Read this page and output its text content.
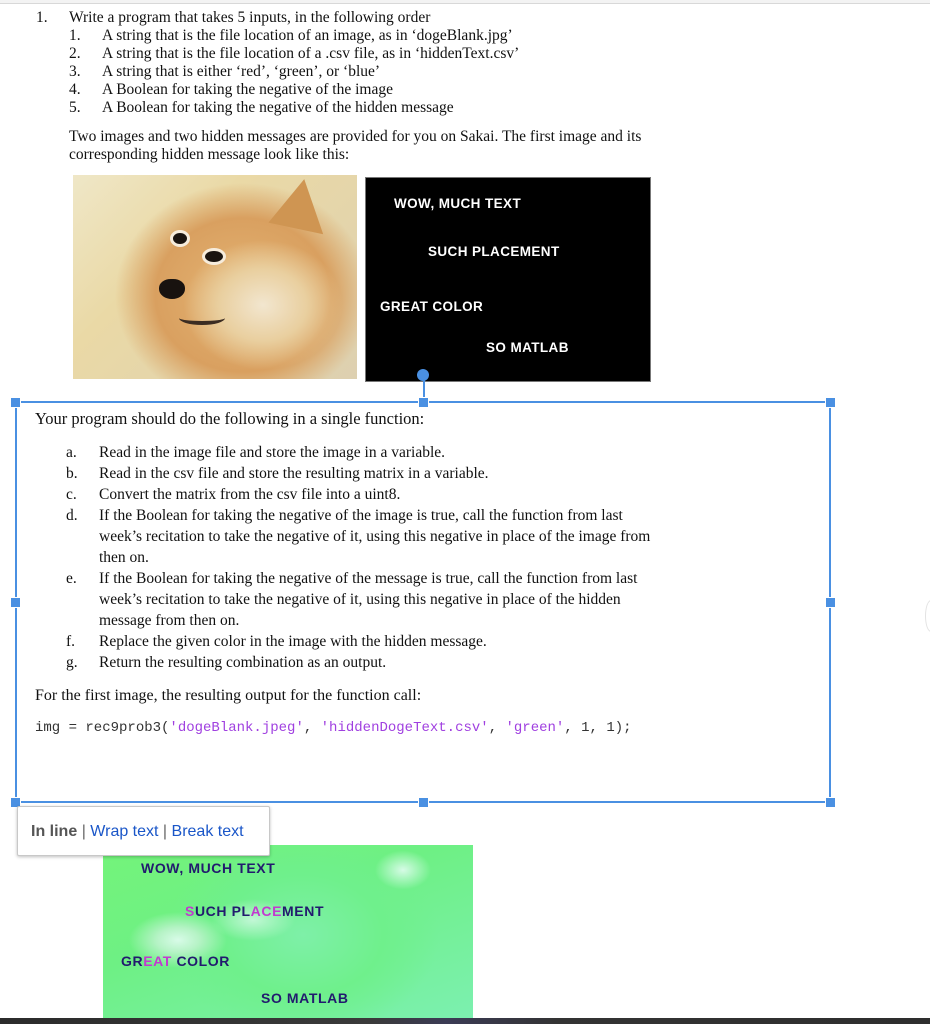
1. Write a program that takes 5 inputs, in the following order
1. A string that is the file location of an image, as in ‘dogeBlank.jpg’
2. A string that is the file location of a .csv file, as in ‘hiddenText.csv’
3. A string that is either ‘red’, ‘green’, or ‘blue’
4. A Boolean for taking the negative of the image
5. A Boolean for taking the negative of the hidden message
Two images and two hidden messages are provided for you on Sakai. The first image and its
corresponding hidden message look like this:
WOW, MUCH TEXT
SUCH PLACEMENT
GREAT COLOR
SO MATLAB
Your program should do the following in a single function:
a. Read in the image file and store the image in a variable.
b. Read in the csv file and store the resulting matrix in a variable.
c. Convert the matrix from the csv file into a uint8.
d. If the Boolean for taking the negative of the image is true, call the function from last
week’s recitation to take the negative of it, using this negative in place of the image from
then on.
e. If the Boolean for taking the negative of the message is true, call the function from last
week’s recitation to take the negative of it, using this negative in place of the hidden
message from then on.
f. Replace the given color in the image with the hidden message.
g. Return the resulting combination as an output.
For the first image, the resulting output for the function call:
img = rec9prob3('dogeBlank.jpeg', 'hiddenDogeText.csv', 'green', 1, 1);
WOW, MUCH TEXT
SUCH PLACEMENT
GREAT COLOR
SO MATLAB
In line | Wrap text | Break text
